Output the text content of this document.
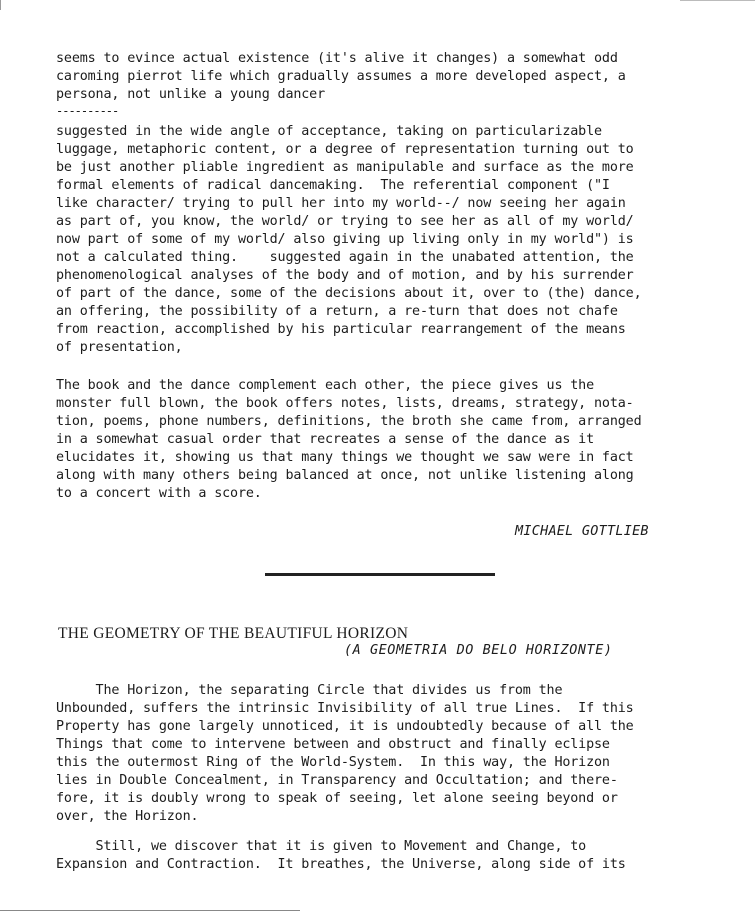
seems to evince actual existence (it's alive it changes) a somewhat odd
caroming pierrot life which gradually assumes a more developed aspect, a
persona, not unlike a young dancer
----------
suggested in the wide angle of acceptance, taking on particularizable
luggage, metaphoric content, or a degree of representation turning out to
be just another pliable ingredient as manipulable and surface as the more
formal elements of radical dancemaking.  The referential component ("I
like character/ trying to pull her into my world--/ now seeing her again
as part of, you know, the world/ or trying to see her as all of my world/
now part of some of my world/ also giving up living only in my world") is
not a calculated thing.    suggested again in the unabated attention, the
phenomenological analyses of the body and of motion, and by his surrender
of part of the dance, some of the decisions about it, over to (the) dance,
an offering, the possibility of a return, a re-turn that does not chafe
from reaction, accomplished by his particular rearrangement of the means
of presentation,
The book and the dance complement each other, the piece gives us the
monster full blown, the book offers notes, lists, dreams, strategy, nota-
tion, poems, phone numbers, definitions, the broth she came from, arranged
in a somewhat casual order that recreates a sense of the dance as it
elucidates it, showing us that many things we thought we saw were in fact
along with many others being balanced at once, not unlike listening along
to a concert with a score.
MICHAEL GOTTLIEB
THE GEOMETRY OF THE BEAUTIFUL HORIZON
(A GEOMETRIA DO BELO HORIZONTE)
The Horizon, the separating Circle that divides us from the
Unbounded, suffers the intrinsic Invisibility of all true Lines.  If this
Property has gone largely unnoticed, it is undoubtedly because of all the
Things that come to intervene between and obstruct and finally eclipse
this the outermost Ring of the World-System.  In this way, the Horizon
lies in Double Concealment, in Transparency and Occultation; and there-
fore, it is doubly wrong to speak of seeing, let alone seeing beyond or
over, the Horizon.
Still, we discover that it is given to Movement and Change, to
Expansion and Contraction.  It breathes, the Universe, along side of its
